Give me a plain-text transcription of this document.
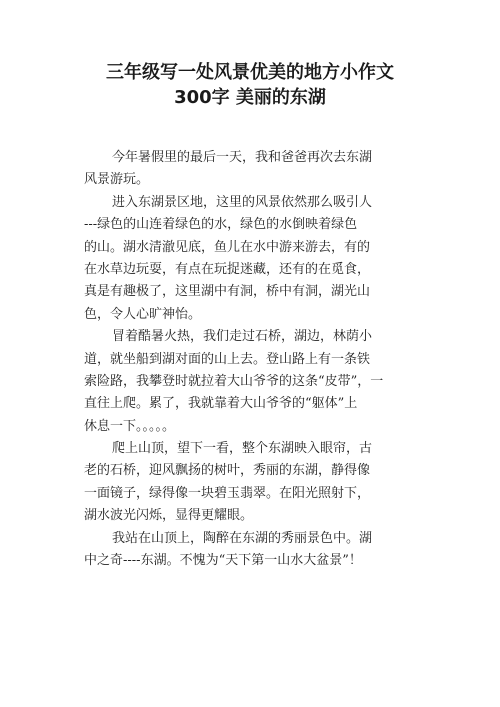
三年级写一处风景优美的地方小作文
300字 美丽的东湖
今年暑假里的最后一天，我和爸爸再次去东湖
风景游玩。
进入东湖景区地，这里的风景依然那么吸引人
---绿色的山连着绿色的水，绿色的水倒映着绿色
的山。湖水清澈见底，鱼儿在水中游来游去，有的
在水草边玩耍，有点在玩捉迷藏，还有的在觅食，
真是有趣极了，这里湖中有洞，桥中有洞，湖光山
色，令人心旷神怡。
冒着酷暑火热，我们走过石桥，湖边，林荫小
道，就坐船到湖对面的山上去。登山路上有一条铁
索险路，我攀登时就拉着大山爷爷的这条“皮带”，一
直往上爬。累了，我就靠着大山爷爷的“躯体”上
休息一下。。。。。
爬上山顶，望下一看，整个东湖映入眼帘，古
老的石桥，迎风飘扬的树叶，秀丽的东湖，静得像
一面镜子，绿得像一块碧玉翡翠。在阳光照射下，
湖水波光闪烁，显得更耀眼。
我站在山顶上，陶醉在东湖的秀丽景色中。湖
中之奇----东湖。不愧为“天下第一山水大盆景”！
